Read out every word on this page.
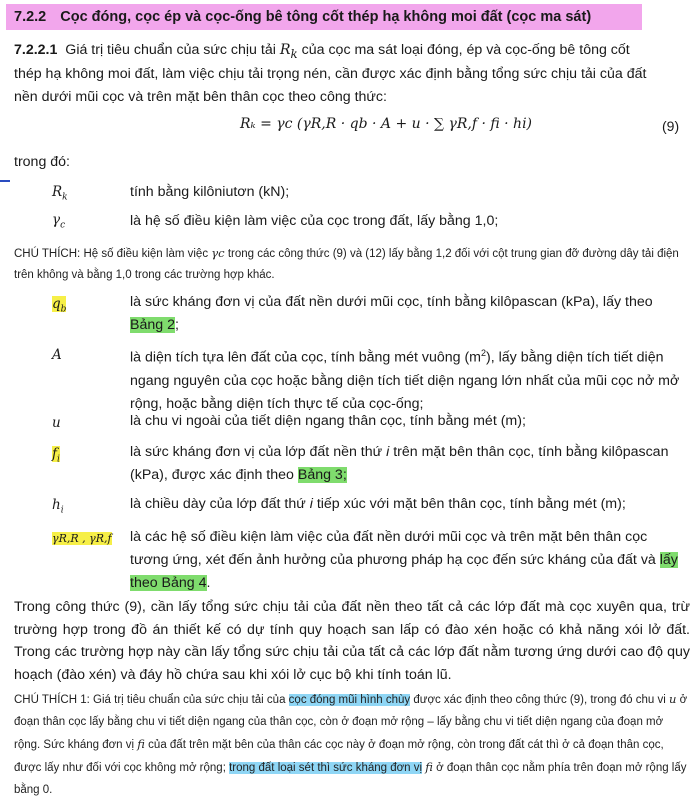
7.2.2 Cọc đóng, cọc ép và cọc-ống bê tông cốt thép hạ không moi đất (cọc ma sát)
7.2.2.1 Giá trị tiêu chuẩn của sức chịu tải $R_k$ của cọc ma sát loại đóng, ép và cọc-ống bê tông cốt
thép hạ không moi đất, làm việc chịu tải trọng nén, cần được xác định bằng tổng sức chịu tải của đất
nền dưới mũi cọc và trên mặt bên thân cọc theo công thức:
Rₖ = γc (γR,R · qb · A + u · ∑ γR,f · fi · hi)	(9)
trong đó:
$R_k$	tính bằng kilôniutơn (kN);
$\gamma_c$	là hệ số điều kiện làm việc của cọc trong đất, lấy bằng 1,0;
CHÚ THÍCH: Hệ số điều kiện làm việc γc trong các công thức (9) và (12) lấy bằng 1,2 đối với cột trung gian đỡ đường dây tải điện trên không và bằng 1,0 trong các trường hợp khác.
$q_b$	là sức kháng đơn vị của đất nền dưới mũi cọc, tính bằng kilôpascan (kPa), lấy theo Bảng 2;
A	là diện tích tựa lên đất của cọc, tính bằng mét vuông $(m^2)$, lấy bằng diện tích tiết diện ngang nguyên của cọc hoặc bằng diện tích tiết diện ngang lớn nhất của mũi cọc nở mở rộng, hoặc bằng diện tích thực tế của cọc-ống;
u	là chu vi ngoài của tiết diện ngang thân cọc, tính bằng mét (m);
$f_i$	là sức kháng đơn vị của lớp đất nền thứ i trên mặt bên thân cọc, tính bằng kilôpascan (kPa), được xác định theo Bảng 3;
$h_i$	là chiều dày của lớp đất thứ i tiếp xúc với mặt bên thân cọc, tính bằng mét (m);
γR,R , γR,f là các hệ số điều kiện làm việc của đất nền dưới mũi cọc và trên mặt bên thân cọc tương ứng, xét đến ảnh hưởng của phương pháp hạ cọc đến sức kháng của đất và lấy theo Bảng 4.
Trong công thức (9), cần lấy tổng sức chịu tải của đất nền theo tất cả các lớp đất mà cọc xuyên qua, trừ trường hợp trong đồ án thiết kế có dự tính quy hoạch san lấp có đào xén hoặc có khả năng xói lở đất. Trong các trường hợp này cần lấy tổng sức chịu tải của tất cả các lớp đất nằm tương ứng dưới cao độ quy hoạch (đào xén) và đáy hồ chứa sau khi xói lở cục bộ khi tính toán lũ.
CHÚ THÍCH 1: Giá trị tiêu chuẩn của sức chịu tải của cọc đóng mũi hình chùy được xác định theo công thức (9), trong đó chu vi u ở đoạn thân cọc lấy bằng chu vi tiết diện ngang của thân cọc, còn ở đoạn mở rộng – lấy bằng chu vi tiết diện ngang của đoạn mở rộng. Sức kháng đơn vị fi của đất trên mặt bên của thân các cọc này ở đoạn mở rộng, còn trong đất cát thì ở cả đoạn thân cọc, được lấy như đối với cọc không mở rộng; trong đất loại sét thì sức kháng đơn vị fi ở đoạn thân cọc nằm phía trên đoạn mở rộng lấy bằng 0.
